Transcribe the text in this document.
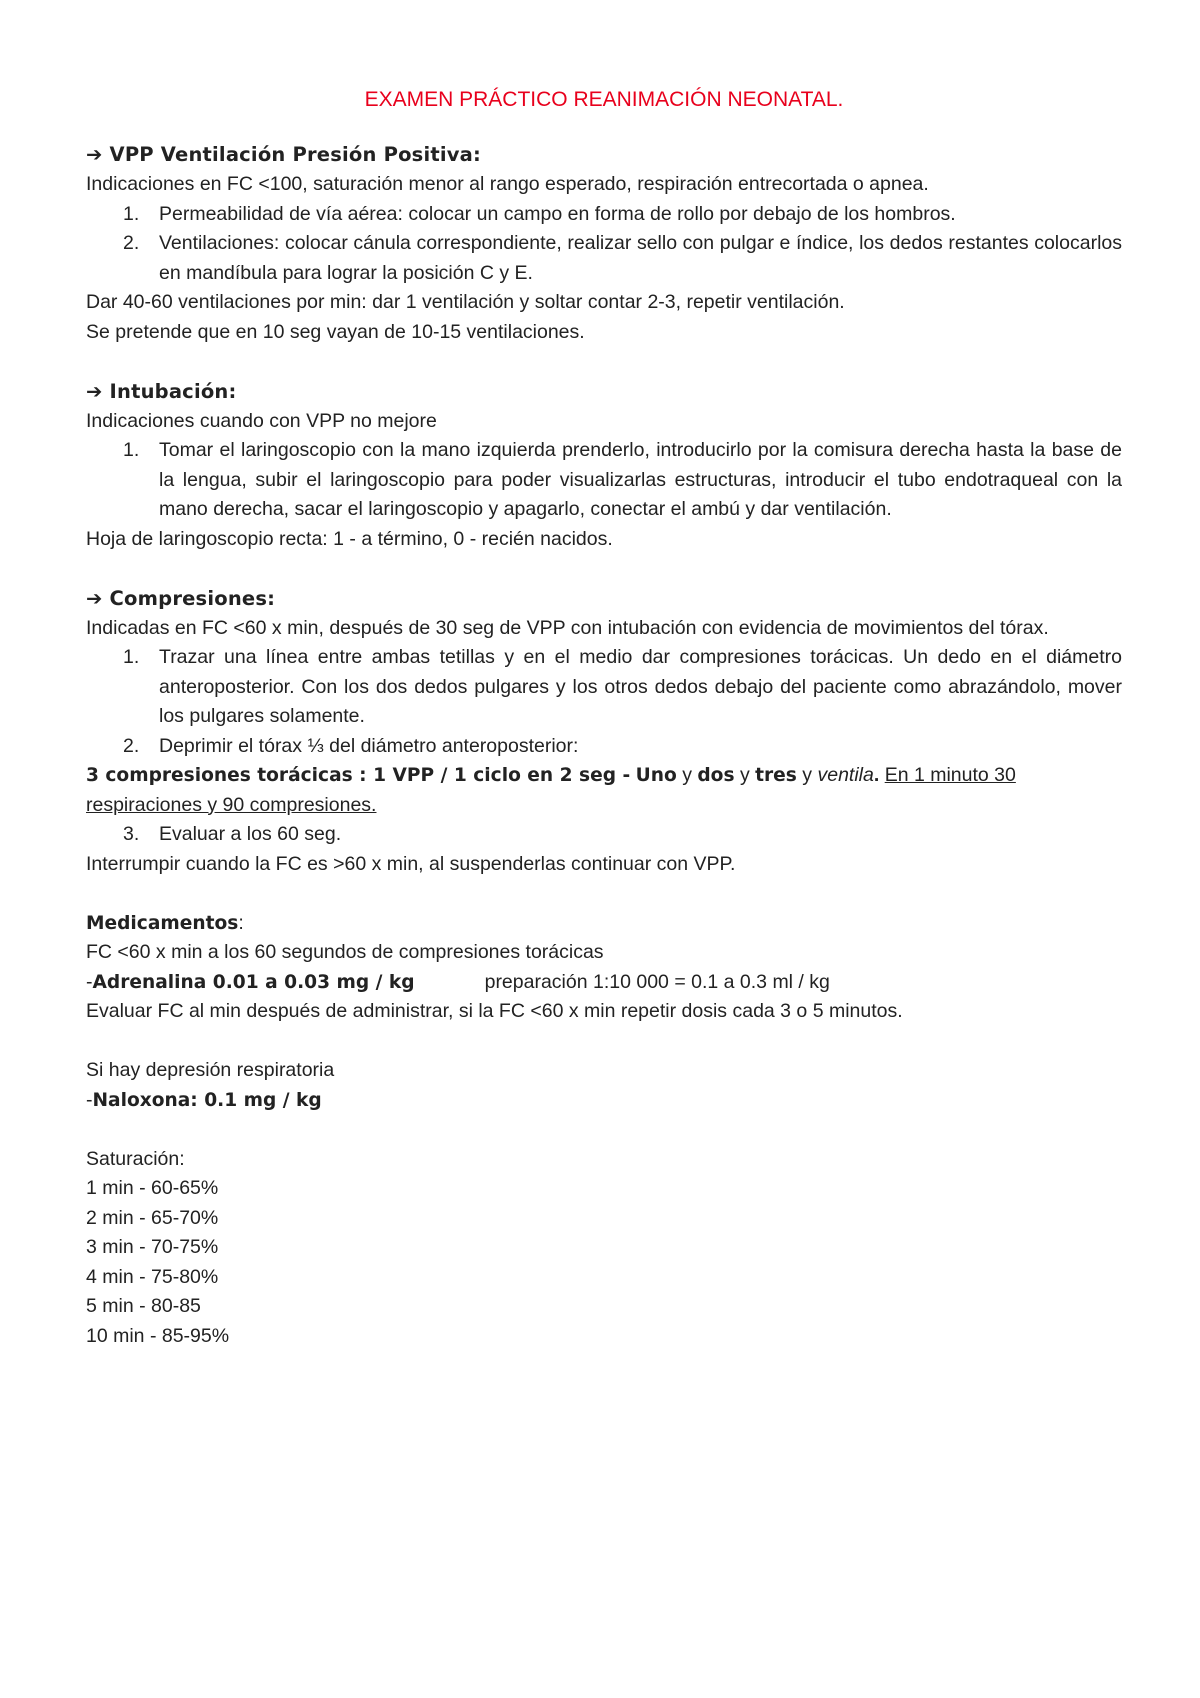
EXAMEN PRÁCTICO REANIMACIÓN NEONATAL.
➔ VPP Ventilación Presión Positiva:
Indicaciones en FC <100, saturación menor al rango esperado, respiración entrecortada o apnea.
1. Permeabilidad de vía aérea: colocar un campo en forma de rollo por debajo de los hombros.
2. Ventilaciones: colocar cánula correspondiente, realizar sello con pulgar e índice, los dedos restantes colocarlos en mandíbula para lograr la posición C y E.
Dar 40-60 ventilaciones por min: dar 1 ventilación y soltar contar 2-3, repetir ventilación.
Se pretende que en 10 seg vayan de 10-15 ventilaciones.
➔ Intubación:
Indicaciones cuando con VPP no mejore
1. Tomar el laringoscopio con la mano izquierda prenderlo, introducirlo por la comisura derecha hasta la base de la lengua, subir el laringoscopio para poder visualizarlas estructuras, introducir el tubo endotraqueal con la mano derecha, sacar el laringoscopio y apagarlo, conectar el ambú y dar ventilación.
Hoja de laringoscopio recta: 1 - a término, 0 - recién nacidos.
➔ Compresiones:
Indicadas en FC <60 x min, después de 30 seg de VPP con intubación con evidencia de movimientos del tórax.
1. Trazar una línea entre ambas tetillas y en el medio dar compresiones torácicas. Un dedo en el diámetro anteroposterior. Con los dos dedos pulgares y los otros dedos debajo del paciente como abrazándolo, mover los pulgares solamente.
2. Deprimir el tórax ⅓ del diámetro anteroposterior:
3 compresiones torácicas : 1 VPP / 1 ciclo en 2 seg - Uno y dos y tres y ventila. En 1 minuto 30 respiraciones y 90 compresiones.
3. Evaluar a los 60 seg.
Interrumpir cuando la FC es >60 x min, al suspenderlas continuar con VPP.
Medicamentos:
FC <60 x min a los 60 segundos de compresiones torácicas
-Adrenalina 0.01 a 0.03 mg / kg	preparación 1:10 000 = 0.1 a 0.3 ml / kg
Evaluar FC al min después de administrar, si la FC <60 x min repetir dosis cada 3 o 5 minutos.
Si hay depresión respiratoria
-Naloxona: 0.1 mg / kg
Saturación:
1 min - 60-65%
2 min - 65-70%
3 min - 70-75%
4 min - 75-80%
5 min - 80-85
10 min - 85-95%
